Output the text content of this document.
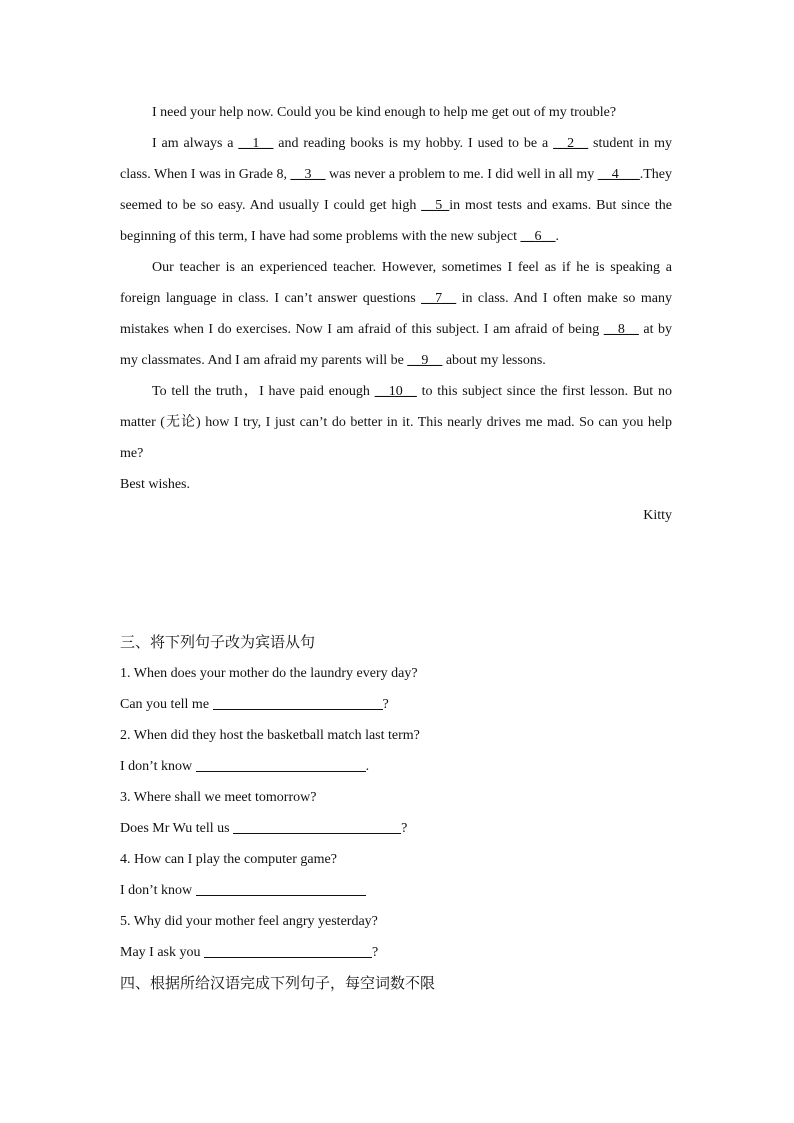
I need your help now. Could you be kind enough to help me get out of my trouble?

I am always a __1__ and reading books is my hobby. I used to be a __2__ student in my class. When I was in Grade 8, __3__ was never a problem to me. I did well in all my __4___.They seemed to be so easy. And usually I could get high __5_in most tests and exams. But since the beginning of this term, I have had some problems with the new subject __6__.

Our teacher is an experienced teacher. However, sometimes I feel as if he is speaking a foreign language in class. I can’t answer questions __7__ in class. And I often make so many mistakes when I do exercises. Now I am afraid of this subject. I am afraid of being __8__ at by my classmates. And I am afraid my parents will be __9__ about my lessons.

To tell the truth，I have paid enough __10__ to this subject since the first lesson. But no matter (无论) how I try, I just can’t do better in it. This nearly drives me mad. So can you help me?

Best wishes.

Kitty

三、将下列句子改为宾语从句

1. When does your mother do the laundry every day?

Can you tell me	?

2. When did they host the basketball match last term?

I don’t know	.

3. Where shall we meet tomorrow?

Does Mr Wu tell us	?

4. How can I play the computer game?

I don’t know

5. Why did your mother feel angry yesterday?

May I ask you	?

四、根据所给汉语完成下列句子，每空词数不限
